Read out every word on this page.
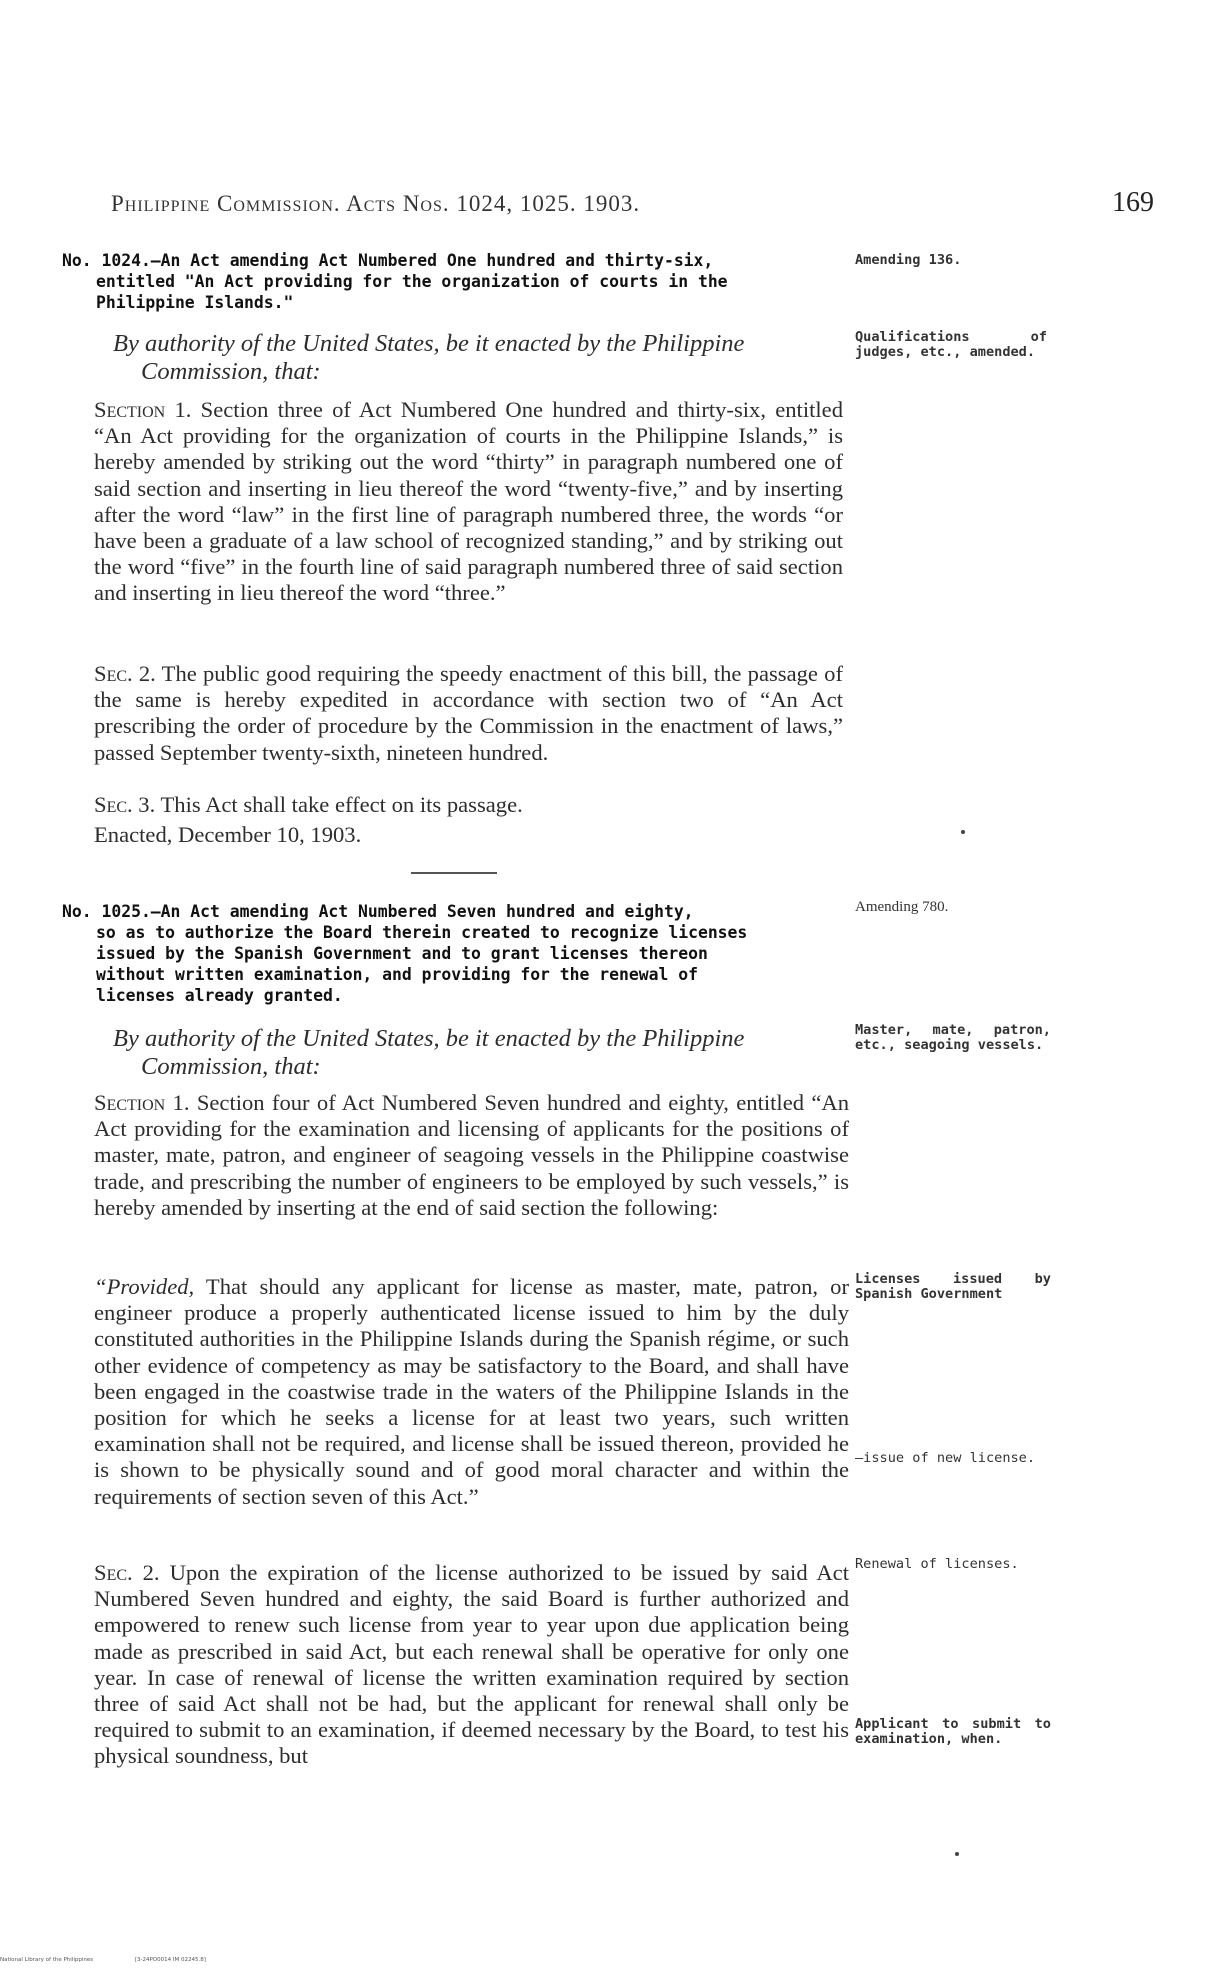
Philippine Commission. Acts Nos. 1024, 1025. 1903.	169
No. 1024.—An Act amending Act Numbered One hundred and thirty-six,
entitled "An Act providing for the organization of courts in the
Philippine Islands."
By authority of the United States, be it enacted by the Philippine
Commission, that:
Section 1. Section three of Act Numbered One hundred and thirty-six, entitled “An Act providing for the organization of courts in the Philippine Islands,” is hereby amended by striking out the word “thirty” in paragraph numbered one of said section and inserting in lieu thereof the word “twenty-five,” and by inserting after the word “law” in the first line of paragraph numbered three, the words “or have been a graduate of a law school of recognized standing,” and by striking out the word “five” in the fourth line of said paragraph numbered three of said section and inserting in lieu thereof the word “three.”
Sec. 2. The public good requiring the speedy enactment of this bill, the passage of the same is hereby expedited in accordance with section two of “An Act prescribing the order of procedure by the Commission in the enactment of laws,” passed September twenty-sixth, nineteen hundred.
Sec. 3. This Act shall take effect on its passage.
Enacted, December 10, 1903.
No. 1025.—An Act amending Act Numbered Seven hundred and eighty,
so as to authorize the Board therein created to recognize licenses
issued by the Spanish Government and to grant licenses thereon
without written examination, and providing for the renewal of
licenses already granted.
By authority of the United States, be it enacted by the Philippine
Commission, that:
Section 1. Section four of Act Numbered Seven hundred and eighty, entitled “An Act providing for the examination and licensing of applicants for the positions of master, mate, patron, and engineer of seagoing vessels in the Philippine coastwise trade, and prescribing the number of engineers to be employed by such vessels,” is hereby amended by inserting at the end of said section the following:
“Provided, That should any applicant for license as master, mate, patron, or engineer produce a properly authenticated license issued to him by the duly constituted authorities in the Philippine Islands during the Spanish régime, or such other evidence of competency as may be satisfactory to the Board, and shall have been engaged in the coastwise trade in the waters of the Philippine Islands in the position for which he seeks a license for at least two years, such written examination shall not be required, and license shall be issued thereon, provided he is shown to be physically sound and of good moral character and within the requirements of section seven of this Act.”
Sec. 2. Upon the expiration of the license authorized to be issued by said Act Numbered Seven hundred and eighty, the said Board is further authorized and empowered to renew such license from year to year upon due application being made as prescribed in said Act, but each renewal shall be operative for only one year. In case of renewal of license the written examination required by section three of said Act shall not be had, but the applicant for renewal shall only be required to submit to an examination, if deemed necessary by the Board, to test his physical soundness, but
Amending 136.
Qualifications of judges, etc., amended.
Amending 780.
Master, mate, patron, etc., seagoing vessels.
Licenses issued by Spanish Government
—issue of new license.
Renewal of licenses.
Applicant to submit to examination, when.
National Library of the Philippines	[3-24PO0014 IM 02245.8]
